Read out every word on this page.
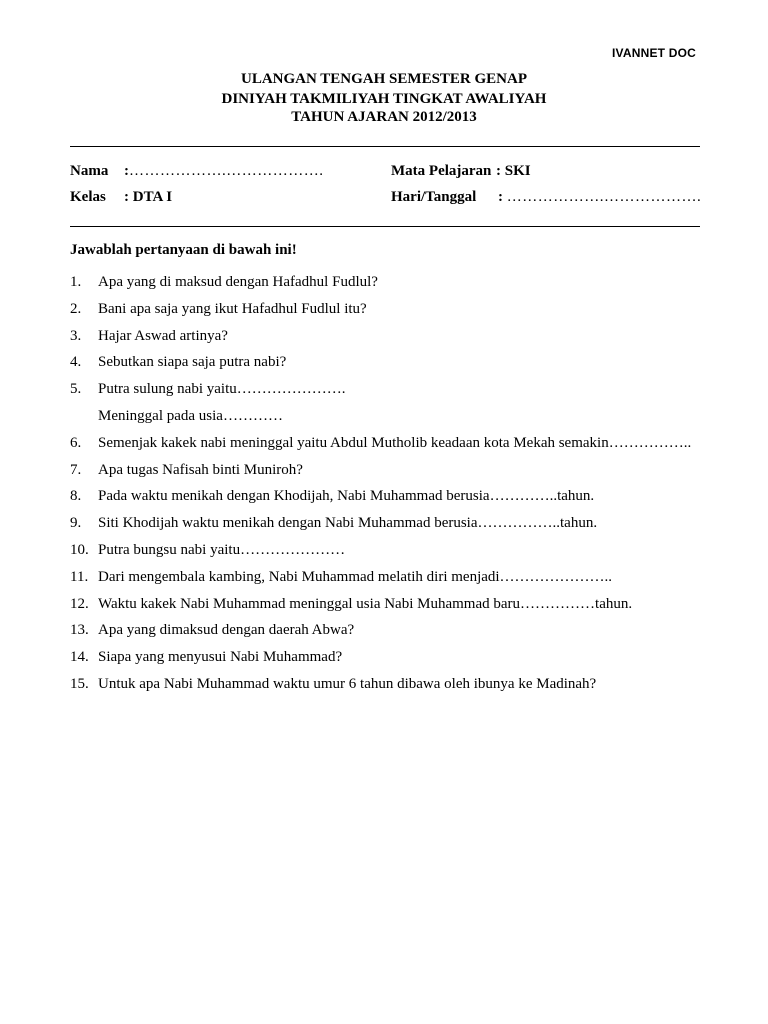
IVANNET DOC
ULANGAN TENGAH SEMESTER GENAP
DINIYAH TAKMILIYAH TINGKAT AWALIYAH
TAHUN AJARAN 2012/2013
Nama :……………….……………….	Mata Pelajaran : SKI
Kelas : DTA I	Hari/Tanggal : ……………….……………….
Jawablah pertanyaan di bawah ini!
1. Apa yang di maksud dengan Hafadhul Fudlul?
2. Bani apa saja yang ikut Hafadhul Fudlul itu?
3. Hajar Aswad artinya?
4. Sebutkan siapa saja putra nabi?
5. Putra sulung nabi yaitu………………….
Meninggal pada usia…………
6. Semenjak kakek nabi meninggal yaitu Abdul Mutholib keadaan kota Mekah semakin……………..
7. Apa tugas Nafisah binti Muniroh?
8. Pada waktu menikah dengan Khodijah, Nabi Muhammad berusia…………..tahun.
9. Siti Khodijah waktu menikah dengan Nabi Muhammad berusia……………..tahun.
10. Putra bungsu nabi yaitu…………………
11. Dari mengembala kambing, Nabi Muhammad melatih diri menjadi…………………..
12. Waktu kakek Nabi Muhammad meninggal usia Nabi Muhammad baru……………tahun.
13. Apa yang dimaksud dengan daerah Abwa?
14. Siapa yang menyusui Nabi Muhammad?
15. Untuk apa Nabi Muhammad waktu umur 6 tahun dibawa oleh ibunya ke Madinah?
